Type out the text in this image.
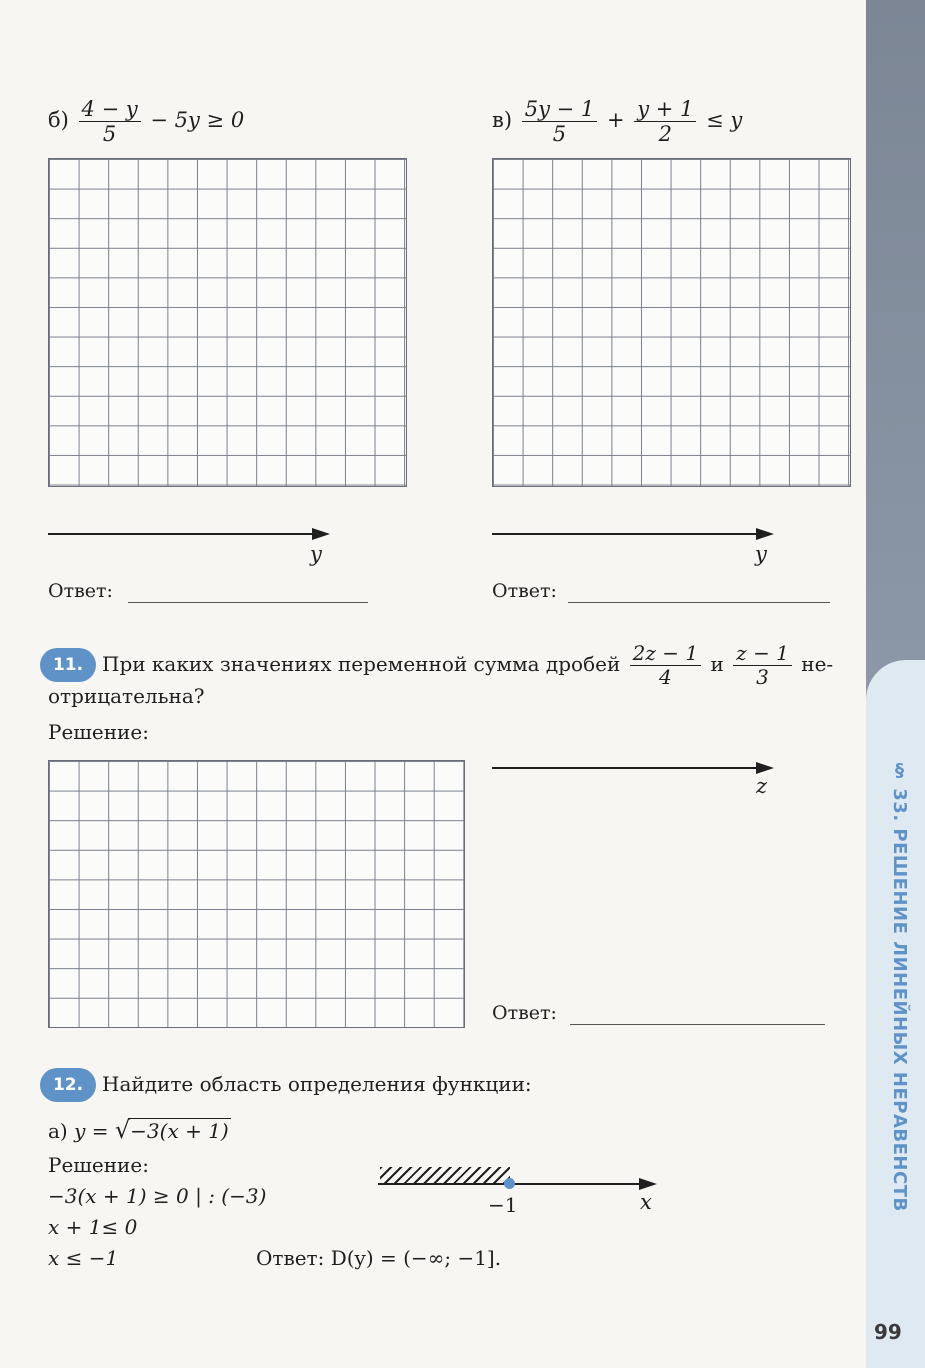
§ 33. РЕШЕНИЕ ЛИНЕЙНЫХ НЕРАВЕНСТВ
99
$б) \frac{4 - y}{5} - 5y \ge 0$
y
Ответ:
$в) \frac{5y - 1}{5} + \frac{y + 1}{2} \le y$
y
Ответ:
11. При каких значениях переменной сумма дробей $\frac{2z - 1}{4}$ и $\frac{z - 1}{3} не-$
отрицательна?
Решение:
z
Ответ:
12. Найдите область определения функции:
а) y = √−3(x + 1)
Решение:
−3(x + 1) ≥ 0 | : (−3)
x + 1≤ 0
x ≤ −1	Ответ: D(y) = (−∞; −1].
−1	x
